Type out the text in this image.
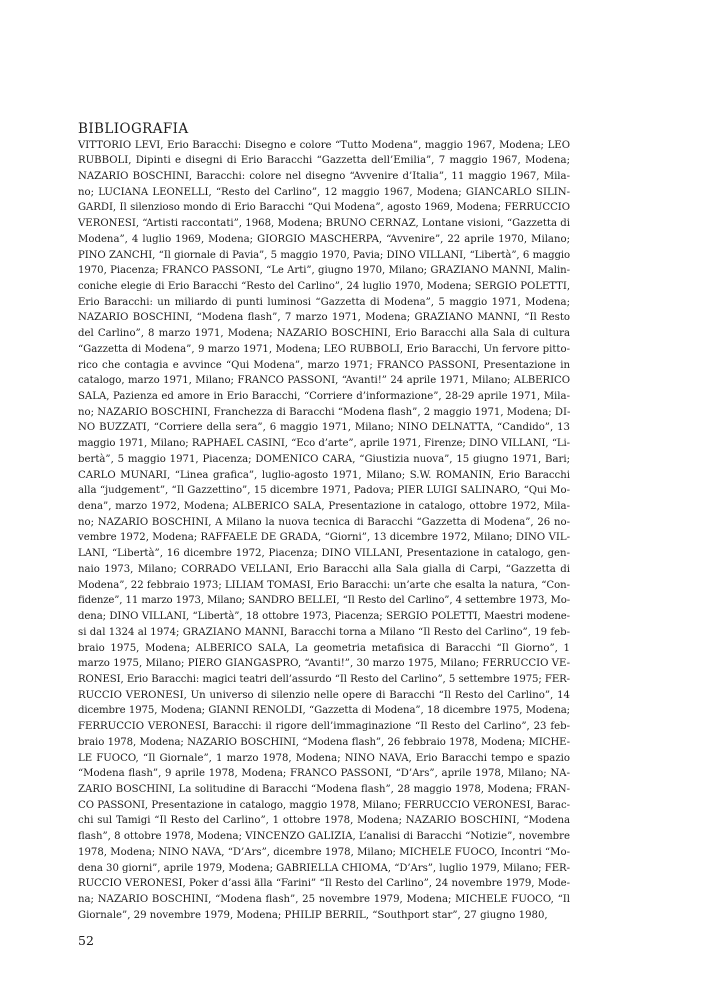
BIBLIOGRAFIA
VITTORIO LEVI, Erio Baracchi: Disegno e colore “Tutto Modena”, maggio 1967, Modena; LEO
RUBBOLI, Dipinti e disegni di Erio Baracchi “Gazzetta dell’Emilia”, 7 maggio 1967, Modena;
NAZARIO BOSCHINI, Baracchi: colore nel disegno “Avvenire d’Italia”, 11 maggio 1967, Mila-
no; LUCIANA LEONELLI, “Resto del Carlino”, 12 maggio 1967, Modena; GIANCARLO SILIN-
GARDI, Il silenzioso mondo di Erio Baracchi “Qui Modena”, agosto 1969, Modena; FERRUCCIO
VERONESI, “Artisti raccontati”, 1968, Modena; BRUNO CERNAZ, Lontane visioni, “Gazzetta di
Modena”, 4 luglio 1969, Modena; GIORGIO MASCHERPA, “Avvenire”, 22 aprile 1970, Milano;
PINO ZANCHI, “Il giornale di Pavia”, 5 maggio 1970, Pavia; DINO VILLANI, “Libertà”, 6 maggio
1970, Piacenza; FRANCO PASSONI, “Le Arti”, giugno 1970, Milano; GRAZIANO MANNI, Malin-
coniche elegie di Erio Baracchi “Resto del Carlino”, 24 luglio 1970, Modena; SERGIO POLETTI,
Erio Baracchi: un miliardo di punti luminosi “Gazzetta di Modena”, 5 maggio 1971, Modena;
NAZARIO BOSCHINI, “Modena flash”, 7 marzo 1971, Modena; GRAZIANO MANNI, “Il Resto
del Carlino”, 8 marzo 1971, Modena; NAZARIO BOSCHINI, Erio Baracchi alla Sala di cultura
“Gazzetta di Modena”, 9 marzo 1971, Modena; LEO RUBBOLI, Erio Baracchi, Un fervore pitto-
rico che contagia e avvince “Qui Modena”, marzo 1971; FRANCO PASSONI, Presentazione in
catalogo, marzo 1971, Milano; FRANCO PASSONI, “Avanti!” 24 aprile 1971, Milano; ALBERICO
SALA, Pazienza ed amore in Erio Baracchi, “Corriere d’informazione”, 28-29 aprile 1971, Mila-
no; NAZARIO BOSCHINI, Franchezza di Baracchi “Modena flash”, 2 maggio 1971, Modena; DI-
NO BUZZATI, “Corriere della sera”, 6 maggio 1971, Milano; NINO DELNATTA, “Candido”, 13
maggio 1971, Milano; RAPHAEL CASINI, “Eco d’arte”, aprile 1971, Firenze; DINO VILLANI, “Li-
bertà”, 5 maggio 1971, Piacenza; DOMENICO CARA, “Giustizia nuova”, 15 giugno 1971, Bari;
CARLO MUNARI, “Linea grafica”, luglio-agosto 1971, Milano; S.W. ROMANIN, Erio Baracchi
alla “judgement”, “Il Gazzettino”, 15 dicembre 1971, Padova; PIER LUIGI SALINARO, “Qui Mo-
dena”, marzo 1972, Modena; ALBERICO SALA, Presentazione in catalogo, ottobre 1972, Mila-
no; NAZARIO BOSCHINI, A Milano la nuova tecnica di Baracchi “Gazzetta di Modena”, 26 no-
vembre 1972, Modena; RAFFAELE DE GRADA, “Giorni”, 13 dicembre 1972, Milano; DINO VIL-
LANI, “Libertà”, 16 dicembre 1972, Piacenza; DINO VILLANI, Presentazione in catalogo, gen-
naio 1973, Milano; CORRADO VELLANI, Erio Baracchi alla Sala gialla di Carpi, “Gazzetta di
Modena”, 22 febbraio 1973; LILIAM TOMASI, Erio Baracchi: un’arte che esalta la natura, “Con-
fidenze”, 11 marzo 1973, Milano; SANDRO BELLEI, “Il Resto del Carlino”, 4 settembre 1973, Mo-
dena; DINO VILLANI, “Libertà”, 18 ottobre 1973, Piacenza; SERGIO POLETTI, Maestri modene-
si dal 1324 al 1974; GRAZIANO MANNI, Baracchi torna a Milano “Il Resto del Carlino”, 19 feb-
braio 1975, Modena; ALBERICO SALA, La geometria metafisica di Baracchi “Il Giorno”, 1
marzo 1975, Milano; PIERO GIANGASPRO, “Avanti!”, 30 marzo 1975, Milano; FERRUCCIO VE-
RONESI, Erio Baracchi: magici teatri dell’assurdo “Il Resto del Carlino”, 5 settembre 1975; FER-
RUCCIO VERONESI, Un universo di silenzio nelle opere di Baracchi “Il Resto del Carlino”, 14
dicembre 1975, Modena; GIANNI RENOLDI, “Gazzetta di Modena”, 18 dicembre 1975, Modena;
FERRUCCIO VERONESI, Baracchi: il rigore dell’immaginazione “Il Resto del Carlino”, 23 feb-
braio 1978, Modena; NAZARIO BOSCHINI, “Modena flash”, 26 febbraio 1978, Modena; MICHE-
LE FUOCO, “Il Giornale”, 1 marzo 1978, Modena; NINO NAVA, Erio Baracchi tempo e spazio
“Modena flash”, 9 aprile 1978, Modena; FRANCO PASSONI, “D’Ars”, aprile 1978, Milano; NA-
ZARIO BOSCHINI, La solitudine di Baracchi “Modena flash”, 28 maggio 1978, Modena; FRAN-
CO PASSONI, Presentazione in catalogo, maggio 1978, Milano; FERRUCCIO VERONESI, Barac-
chi sul Tamigi “Il Resto del Carlino”, 1 ottobre 1978, Modena; NAZARIO BOSCHINI, “Modena
flash”, 8 ottobre 1978, Modena; VINCENZO GALIZIA, L’analisi di Baracchi “Notizie”, novembre
1978, Modena; NINO NAVA, “D’Ars”, dicembre 1978, Milano; MICHELE FUOCO, Incontri “Mo-
dena 30 giorni”, aprile 1979, Modena; GABRIELLA CHIOMA, “D’Ars”, luglio 1979, Milano; FER-
RUCCIO VERONESI, Poker d’assi älla “Farini” “Il Resto del Carlino”, 24 novembre 1979, Mode-
na; NAZARIO BOSCHINI, “Modena flash”, 25 novembre 1979, Modena; MICHELE FUOCO, “Il
Giornale”, 29 novembre 1979, Modena; PHILIP BERRIL, “Southport star”, 27 giugno 1980,
52
